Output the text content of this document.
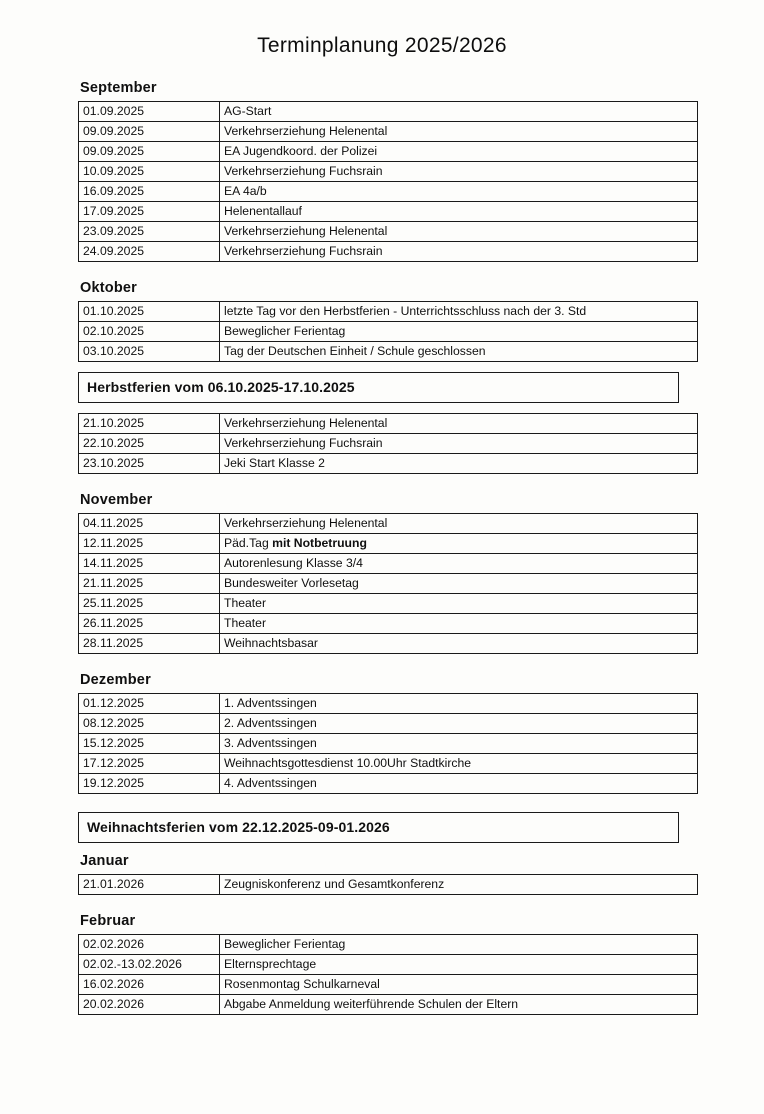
Terminplanung 2025/2026
September
01.09.2025	AG-Start
09.09.2025	Verkehrserziehung Helenental
09.09.2025	EA Jugendkoord. der Polizei
10.09.2025	Verkehrserziehung Fuchsrain
16.09.2025	EA 4a/b
17.09.2025	Helenentallauf
23.09.2025	Verkehrserziehung Helenental
24.09.2025	Verkehrserziehung Fuchsrain
Oktober
01.10.2025	letzte Tag vor den Herbstferien - Unterrichtsschluss nach der 3. Std
02.10.2025	Beweglicher Ferientag
03.10.2025	Tag der Deutschen Einheit / Schule geschlossen
Herbstferien vom 06.10.2025-17.10.2025
21.10.2025	Verkehrserziehung Helenental
22.10.2025	Verkehrserziehung Fuchsrain
23.10.2025	Jeki Start Klasse 2
November
04.11.2025	Verkehrserziehung Helenental
12.11.2025	Päd.Tag mit Notbetruung
14.11.2025	Autorenlesung Klasse 3/4
21.11.2025	Bundesweiter Vorlesetag
25.11.2025	Theater
26.11.2025	Theater
28.11.2025	Weihnachtsbasar
Dezember
01.12.2025	1. Adventssingen
08.12.2025	2. Adventssingen
15.12.2025	3. Adventssingen
17.12.2025	Weihnachtsgottesdienst 10.00Uhr Stadtkirche
19.12.2025	4. Adventssingen
Weihnachtsferien vom 22.12.2025-09-01.2026
Januar
21.01.2026	Zeugniskonferenz und Gesamtkonferenz
Februar
02.02.2026	Beweglicher Ferientag
02.02.-13.02.2026	Elternsprechtage
16.02.2026	Rosenmontag Schulkarneval
20.02.2026	Abgabe Anmeldung weiterführende Schulen der Eltern
